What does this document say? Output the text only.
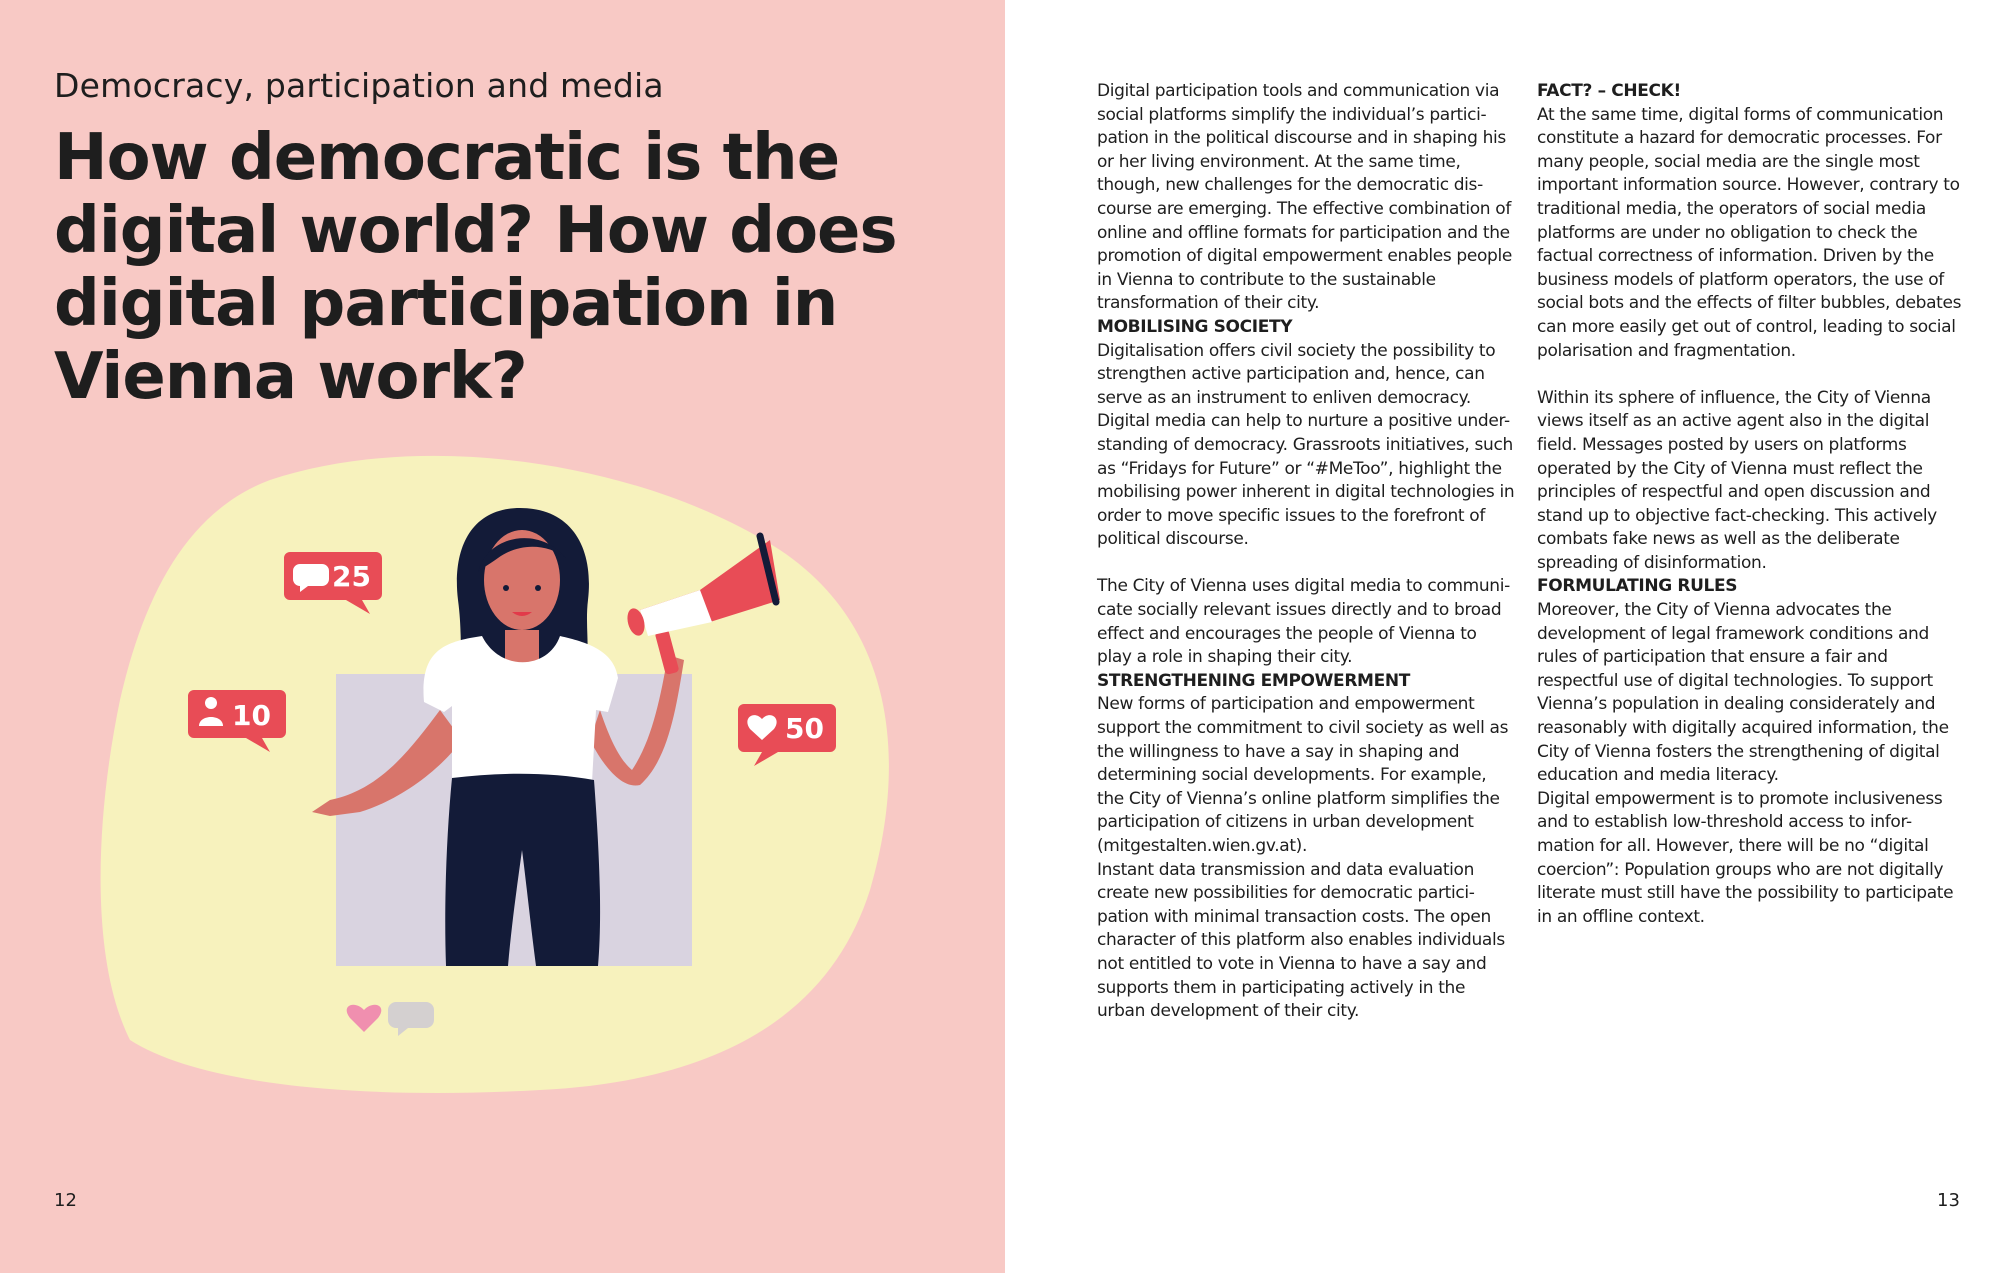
Democracy, participation and media
How democratic is the digital world? How does digital participation in Vienna work?
25
10	50
12

Digital participation tools and communication via social platforms simplify the individual’s partici-pation in the political discourse and in shaping his or her living environment. At the same time, though, new challenges for the democratic dis-course are emerging. The effective combination of online and offline formats for participation and the promotion of digital empowerment enables people in Vienna to contribute to the sustainable transformation of their city.

MOBILISING SOCIETY

Digitalisation offers civil society the possibility to strengthen active participation and, hence, can serve as an instrument to enliven democracy. Digital media can help to nurture a positive under-standing of democracy. Grassroots initiatives, such as “Fridays for Future” or “#MeToo”, highlight the mobilising power inherent in digital technologies in order to move specific issues to the forefront of political discourse.

The City of Vienna uses digital media to communi-cate socially relevant issues directly and to broad effect and encourages the people of Vienna to play a role in shaping their city.

STRENGTHENING EMPOWERMENT

New forms of participation and empowerment support the commitment to civil society as well as the willingness to have a say in shaping and determining social developments. For example, the City of Vienna’s online platform simplifies the participation of citizens in urban development (mitgestalten.wien.gv.at).

Instant data transmission and data evaluation create new possibilities for democratic partici-pation with minimal transaction costs. The open character of this platform also enables individuals not entitled to vote in Vienna to have a say and supports them in participating actively in the urban development of their city.

FACT? – CHECK!

At the same time, digital forms of communication constitute a hazard for democratic processes. For many people, social media are the single most important information source. However, contrary to traditional media, the operators of social media platforms are under no obligation to check the factual correctness of information. Driven by the business models of platform operators, the use of social bots and the effects of filter bubbles, debates can more easily get out of control, leading to social polarisation and fragmentation.

Within its sphere of influence, the City of Vienna views itself as an active agent also in the digital field. Messages posted by users on platforms operated by the City of Vienna must reflect the principles of respectful and open discussion and stand up to objective fact-checking. This actively combats fake news as well as the deliberate spreading of disinformation.

FORMULATING RULES

Moreover, the City of Vienna advocates the development of legal framework conditions and rules of participation that ensure a fair and respectful use of digital technologies. To support Vienna’s population in dealing considerately and reasonably with digitally acquired information, the City of Vienna fosters the strengthening of digital education and media literacy.

Digital empowerment is to promote inclusiveness and to establish low-threshold access to infor-mation for all. However, there will be no “digital coercion”: Population groups who are not digitally literate must still have the possibility to participate in an offline context.

13
